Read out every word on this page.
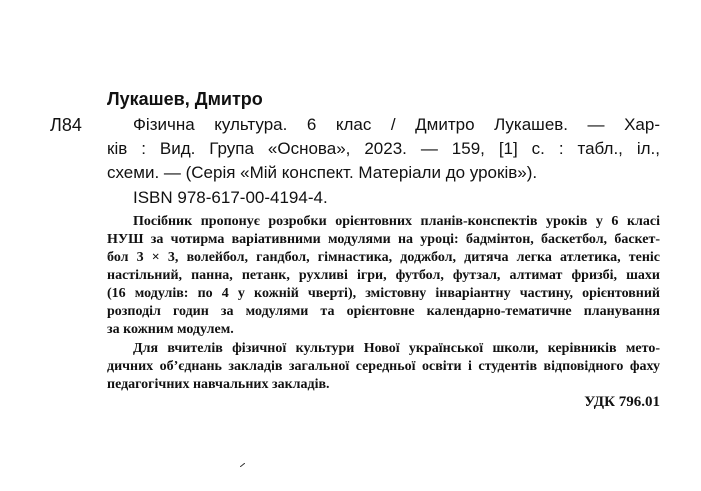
Лукашев, Дмитро
Л84	Фізична культура. 6 клас / Дмитро Лукашев. — Хар-
ків : Вид. Група «Основа», 2023. — 159, [1] с. : табл., іл.,
схеми. — (Серія «Мій конспект. Матеріали до уроків»).
ISBN 978-617-00-4194-4.
Посібник пропонує розробки орієнтовних планів-конспектів уроків у 6 класі
НУШ за чотирма варіативними модулями на уроці: бадмінтон, баскетбол, баскет-
бол 3 × 3, волейбол, гандбол, гімнастика, доджбол, дитяча легка атлетика, теніс
настільний, панна, петанк, рухливі ігри, футбол, футзал, алтимат фризбі, шахи
(16 модулів: по 4 у кожній чверті), змістовну інваріантну частину, орієнтовний
розподіл годин за модулями та орієнтовне календарно-тематичне планування
за кожним модулем.
Для вчителів фізичної культури Нової української школи, керівників мето-
дичних об’єднань закладів загальної середньої освіти і студентів відповідного фаху
педагогічних навчальних закладів.
УДК 796.01
